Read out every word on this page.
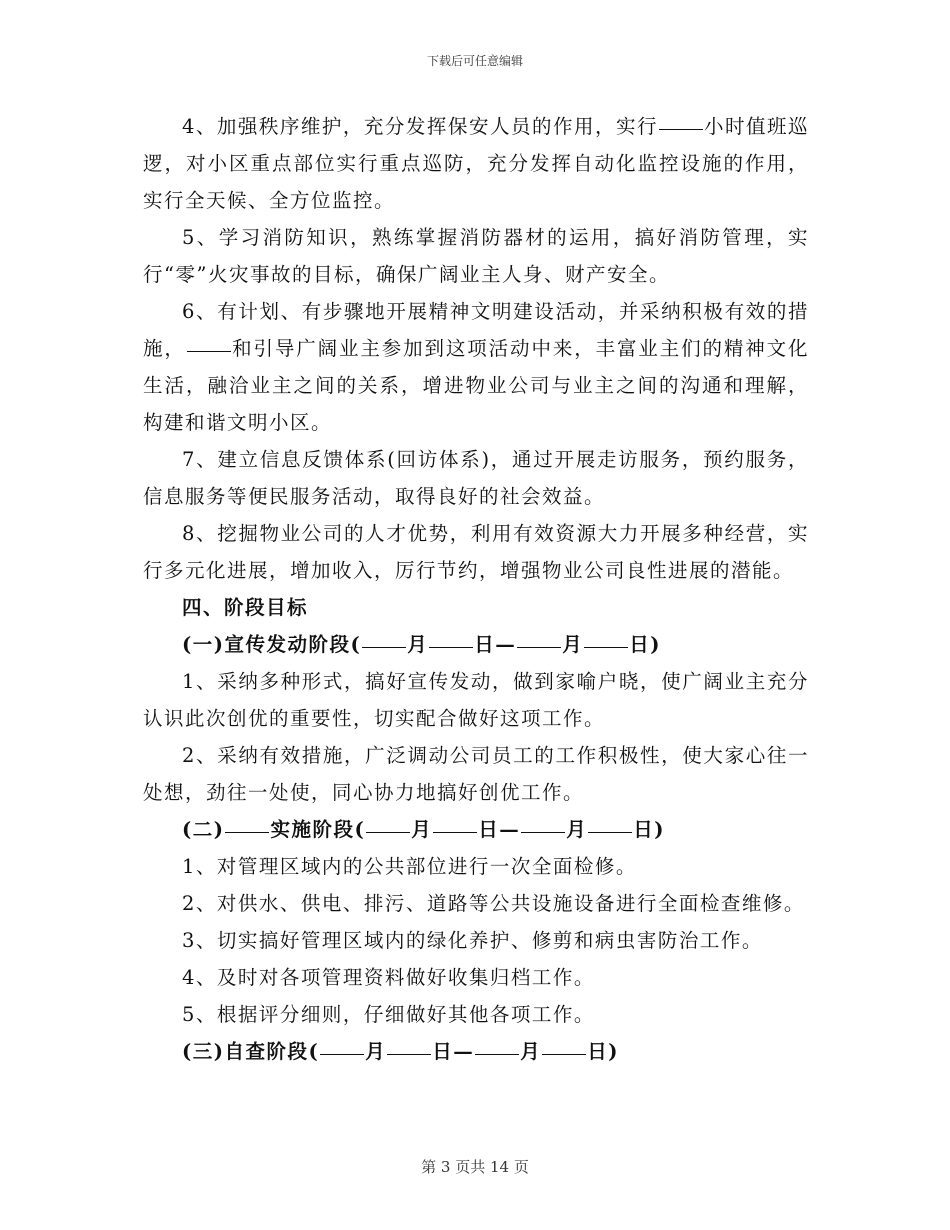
下载后可任意编辑

4、加强秩序维护，充分发挥保安人员的作用，实行 小时值班巡逻，对小区重点部位实行重点巡防，充分发挥自动化监控设施的作用，实行全天候、全方位监控。

5、学习消防知识，熟练掌握消防器材的运用，搞好消防管理，实行“零”火灾事故的目标，确保广阔业主人身、财产安全。

6、有计划、有步骤地开展精神文明建设活动，并采纳积极有效的措施， 和引导广阔业主参加到这项活动中来，丰富业主们的精神文化生活，融洽业主之间的关系，增进物业公司与业主之间的沟通和理解，构建和谐文明小区。

7、建立信息反馈体系(回访体系)，通过开展走访服务，预约服务，信息服务等便民服务活动，取得良好的社会效益。

8、挖掘物业公司的人才优势，利用有效资源大力开展多种经营，实行多元化进展，增加收入，厉行节约，增强物业公司良性进展的潜能。

四、阶段目标

(一)宣传发动阶段( 月 日— 月 日)

1、采纳多种形式，搞好宣传发动，做到家喻户晓，使广阔业主充分认识此次创优的重要性，切实配合做好这项工作。

2、采纳有效措施，广泛调动公司员工的工作积极性，使大家心往一处想，劲往一处使，同心协力地搞好创优工作。

(二) 实施阶段( 月 日— 月 日)

1、对管理区域内的公共部位进行一次全面检修。

2、对供水、供电、排污、道路等公共设施设备进行全面检查维修。

3、切实搞好管理区域内的绿化养护、修剪和病虫害防治工作。

4、及时对各项管理资料做好收集归档工作。

5、根据评分细则，仔细做好其他各项工作。

(三)自查阶段( 月 日— 月 日)

第 3 页共 14 页
